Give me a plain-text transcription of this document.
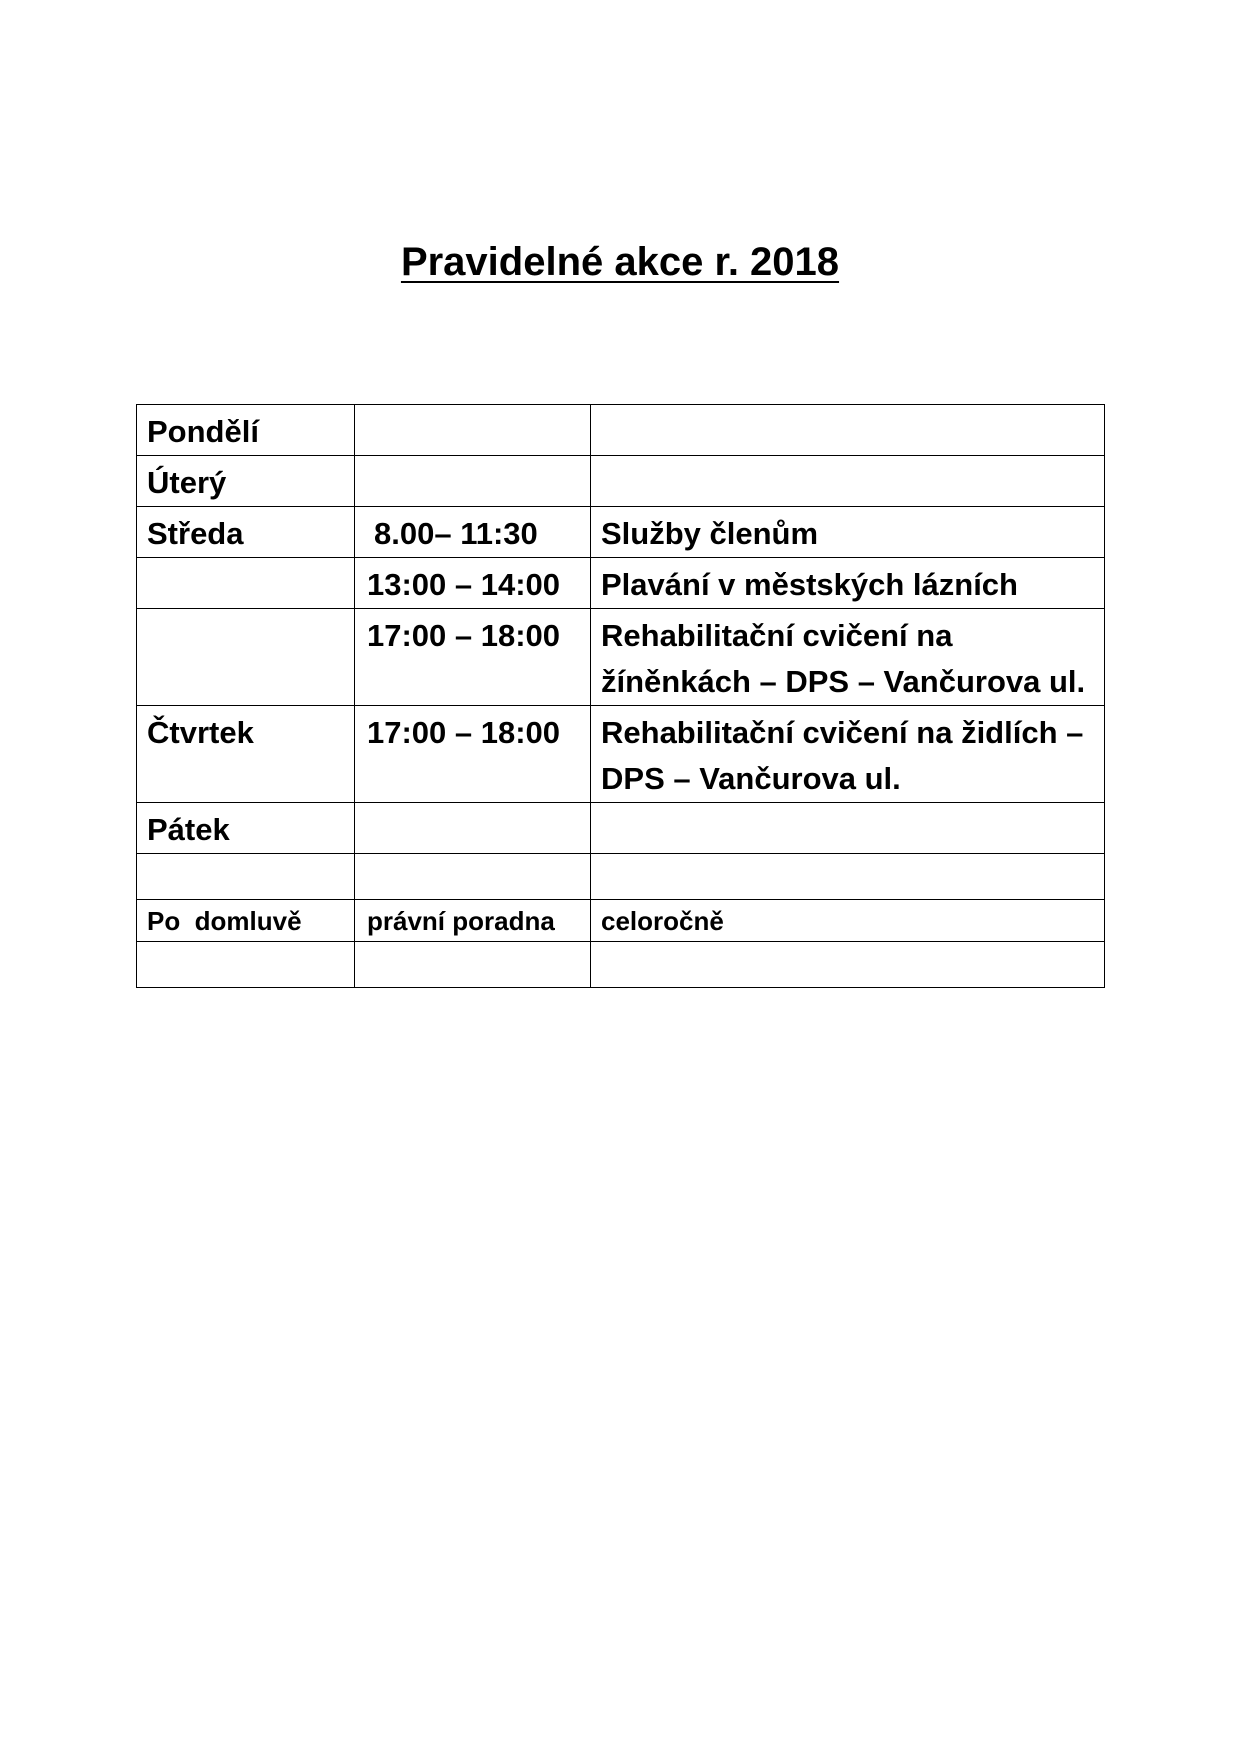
Pravidelné akce r. 2018
Pondělí		
Úterý		
Středa	8.00– 11:30	Služby členům
	13:00 – 14:00	Plavání v městských lázních
	17:00 – 18:00	Rehabilitační cvičení na žíněnkách – DPS – Vančurova ul.
Čtvrtek	17:00 – 18:00	Rehabilitační cvičení na židlích – DPS – Vančurova ul.
Pátek		

Po  domluvě	právní poradna	celoročně
